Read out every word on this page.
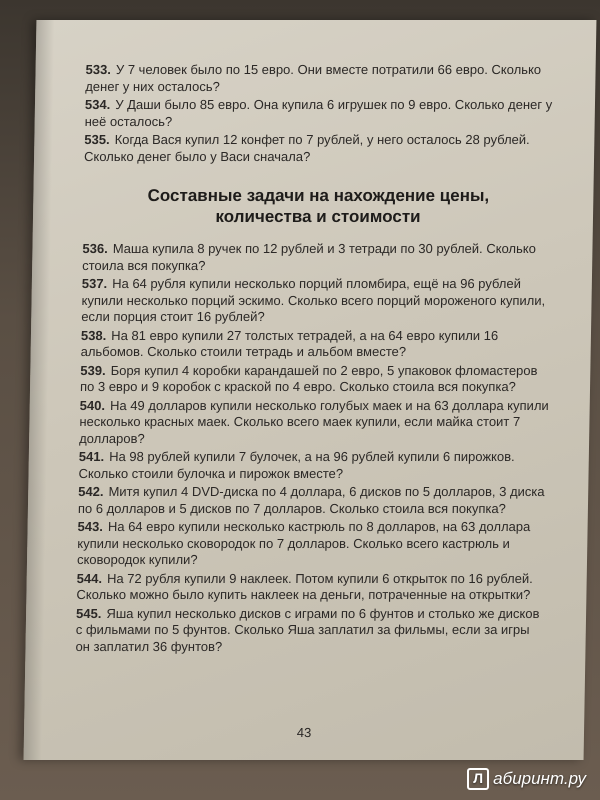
533. У 7 человек было по 15 евро. Они вместе потратили 66 евро. Сколько денег у них осталось?

534. У Даши было 85 евро. Она купила 6 игрушек по 9 евро. Сколько денег у неё осталось?

535. Когда Вася купил 12 конфет по 7 рублей, у него осталось 28 рублей. Сколько денег было у Васи сначала?

Составные задачи на нахождение цены,
количества и стоимости

536. Маша купила 8 ручек по 12 рублей и 3 тетради по 30 рублей. Сколько стоила вся покупка?

537. На 64 рубля купили несколько порций пломбира, ещё на 96 рублей купили несколько порций эскимо. Сколько всего порций мороженого купили, если порция стоит 16 рублей?

538. На 81 евро купили 27 толстых тетрадей, а на 64 евро купили 16 альбомов. Сколько стоили тетрадь и альбом вместе?

539. Боря купил 4 коробки карандашей по 2 евро, 5 упаковок фломастеров по 3 евро и 9 коробок с краской по 4 евро. Сколько стоила вся покупка?

540. На 49 долларов купили несколько голубых маек и на 63 доллара купили несколько красных маек. Сколько всего маек купили, если майка стоит 7 долларов?

541. На 98 рублей купили 7 булочек, а на 96 рублей купили 6 пирожков. Сколько стоили булочка и пирожок вместе?

542. Митя купил 4 DVD-диска по 4 доллара, 6 дисков по 5 долларов, 3 диска по 6 долларов и 5 дисков по 7 долларов. Сколько стоила вся покупка?

543. На 64 евро купили несколько кастрюль по 8 долларов, на 63 доллара купили несколько сковородок по 7 долларов. Сколько всего кастрюль и сковородок купили?

544. На 72 рубля купили 9 наклеек. Потом купили 6 открыток по 16 рублей. Сколько можно было купить наклеек на деньги, потраченные на открытки?

545. Яша купил несколько дисков с играми по 6 фунтов и столько же дисков с фильмами по 5 фунтов. Сколько Яша заплатил за фильмы, если за игры он заплатил 36 фунтов?

43
Л абиринт.ру
